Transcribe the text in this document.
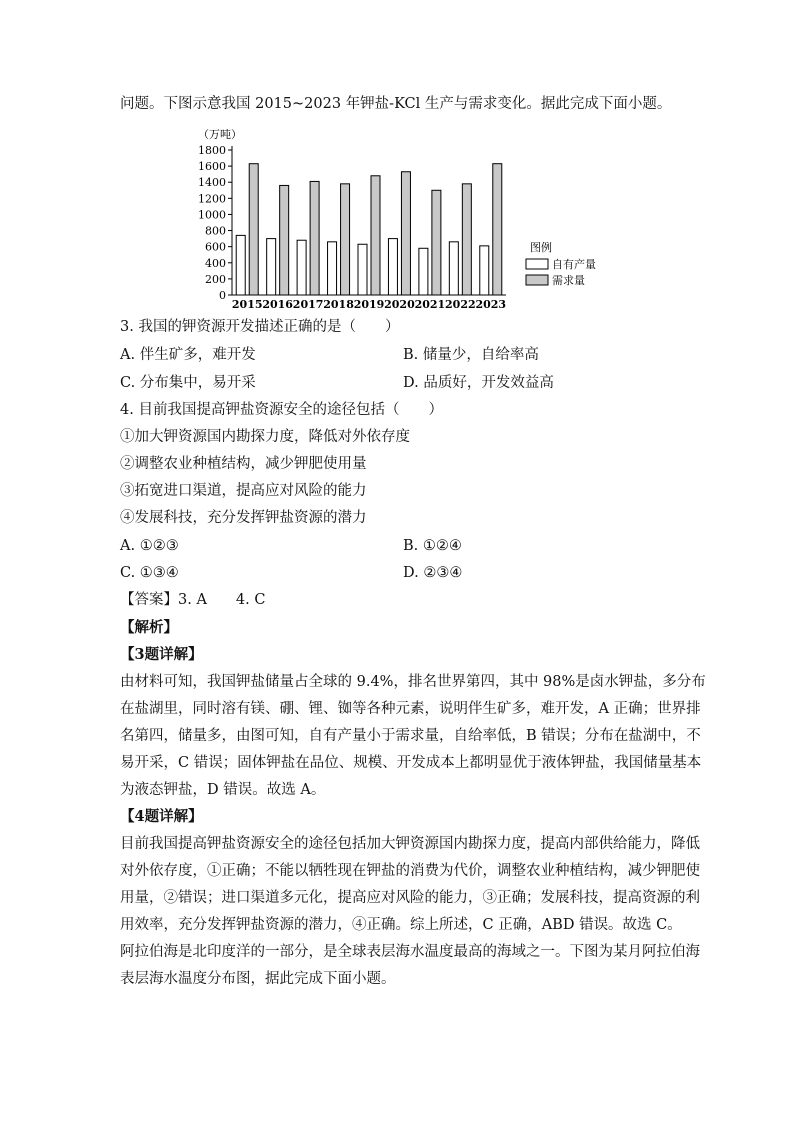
问题。下图示意我国 2015~2023 年钾盐-KCl 生产与需求变化。据此完成下面小题。
（万吨）
0
200
400
600
800
1000
1200
1400
1600
1800
2015 2016 2017 2018 2019 2020 2021 2022 2023
图例
自有产量
需求量
3. 我国的钾资源开发描述正确的是（　　）
A. 伴生矿多，难开发	B. 储量少，自给率高
C. 分布集中，易开采	D. 品质好，开发效益高
4. 目前我国提高钾盐资源安全的途径包括（　　）
①加大钾资源国内勘探力度，降低对外依存度
②调整农业种植结构，减少钾肥使用量
③拓宽进口渠道，提高应对风险的能力
④发展科技，充分发挥钾盐资源的潜力
A. ①②③	B. ①②④
C. ①③④	D. ②③④
【答案】3. A　　4. C
【解析】
【3题详解】
由材料可知，我国钾盐储量占全球的 9.4%，排名世界第四，其中 98%是卤水钾盐，多分布
在盐湖里，同时溶有镁、硼、锂、铷等各种元素，说明伴生矿多，难开发，A 正确；世界排
名第四，储量多，由图可知，自有产量小于需求量，自给率低，B 错误；分布在盐湖中，不
易开采，C 错误；固体钾盐在品位、规模、开发成本上都明显优于液体钾盐，我国储量基本
为液态钾盐，D 错误。故选 A。
【4题详解】
目前我国提高钾盐资源安全的途径包括加大钾资源国内勘探力度，提高内部供给能力，降低
对外依存度，①正确；不能以牺牲现在钾盐的消费为代价，调整农业种植结构，减少钾肥使
用量，②错误；进口渠道多元化，提高应对风险的能力，③正确；发展科技，提高资源的利
用效率，充分发挥钾盐资源的潜力，④正确。综上所述，C 正确，ABD 错误。故选 C。
阿拉伯海是北印度洋的一部分，是全球表层海水温度最高的海域之一。下图为某月阿拉伯海
表层海水温度分布图，据此完成下面小题。
